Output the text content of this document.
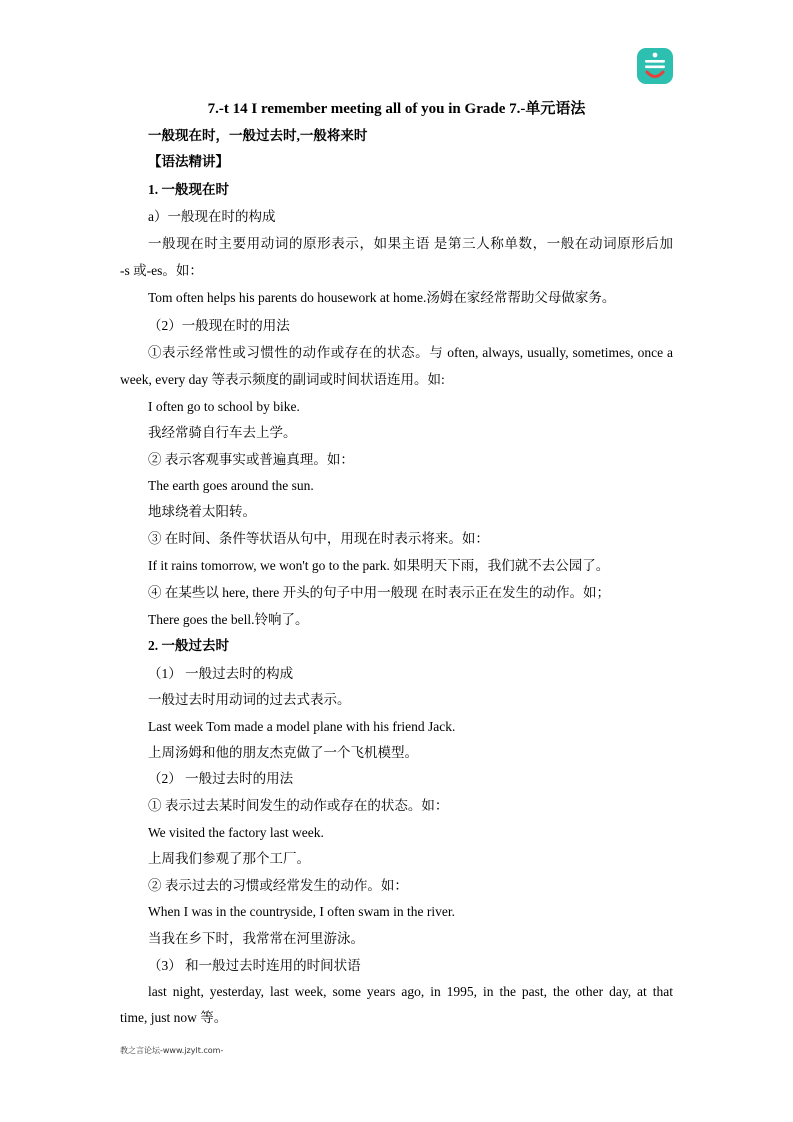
7.-t 14 I remember meeting all of you in Grade 7.-单元语法
一般现在时，一般过去时,一般将来时
【语法精讲】
1. 一般现在时
a）一般现在时的构成
一般现在时主要用动词的原形表示，如果主语 是第三人称单数，一般在动词原形后加
-s 或-es。如：
Tom often helps his parents do housework at home.汤姆在家经常帮助父母做家务。
（2）一般现在时的用法
①表示经常性或习惯性的动作或存在的状态。与 often, always, usually, sometimes, once a
week, every day 等表示频度的副词或时间状语连用。如:
I often go to school by bike.
我经常骑自行车去上学。
② 表示客观事实或普遍真理。如：
The earth goes around the sun.
地球绕着太阳转。
③ 在时间、条件等状语从句中，用现在时表示将来。如：
If it rains tomorrow, we won't go to the park. 如果明天下雨，我们就不去公园了。
④ 在某些以 here, there 开头的句子中用一般现 在时表示正在发生的动作。如；
There goes the bell.铃响了。
2. 一般过去时
（1） 一般过去时的构成
一般过去时用动词的过去式表示。
Last week Tom made a model plane with his friend Jack.
上周汤姆和他的朋友杰克做了一个飞机模型。
（2） 一般过去时的用法
① 表示过去某时间发生的动作或存在的状态。如：
We visited the factory last week.
上周我们参观了那个工厂。
② 表示过去的习惯或经常发生的动作。如：
When I was in the countryside, I often swam in the river.
当我在乡下时，我常常在河里游泳。
（3） 和一般过去时连用的时间状语
last night, yesterday, last week, some years ago, in 1995, in the past, the other day, at that
time, just now 等。
教之言论坛-www.jzylt.com-
